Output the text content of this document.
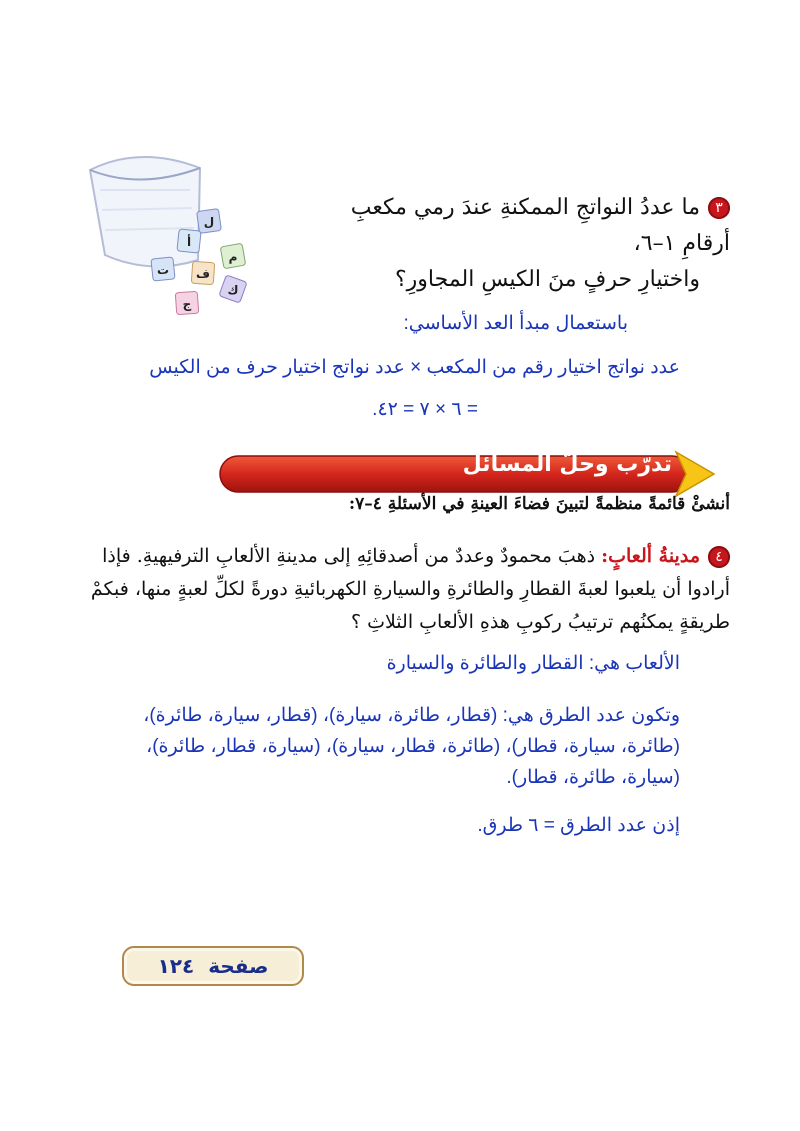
ل
أ
م
ف
ت
ك
ج
٣ما عددُ النواتجِ الممكنةِ عندَ رمي مكعبِ أرقامِ ١–٦،
واختيارِ حرفٍ منَ الكيسِ المجاورِ؟
باستعمال مبدأ العد الأساسي:
عدد نواتج اختيار رقم من المكعب × عدد نواتج اختيار حرف من الكيس
= ٦ × ٧ = ٤٢.
تدرّب وحلّ المسائل
أنشئْ قائمةً منظمةً لتبينَ فضاءَ العينةِ في الأسئلةِ ٤–٧:
٤مدينةُ ألعابٍ: ذهبَ محمودٌ وعددٌ من أصدقائِهِ إلى مدينةِ الألعابِ الترفيهيةِ. فإذا
أرادوا أن يلعبوا لعبةَ القطارِ والطائرةِ والسيارةِ الكهربائيةِ دورةً لكلِّ لعبةٍ منها، فبكمْ
طريقةٍ يمكنُهم ترتيبُ ركوبِ هذهِ الألعابِ الثلاثِ ؟
الألعاب هي: القطار والطائرة والسيارة
وتكون عدد الطرق هي: (قطار، طائرة، سيارة)، (قطار، سيارة، طائرة)،
(طائرة، سيارة، قطار)، (طائرة، قطار، سيارة)، (سيارة، قطار، طائرة)،
(سيارة، طائرة، قطار).
إذن عدد الطرق = ٦ طرق.
صفحة
١٢٤
